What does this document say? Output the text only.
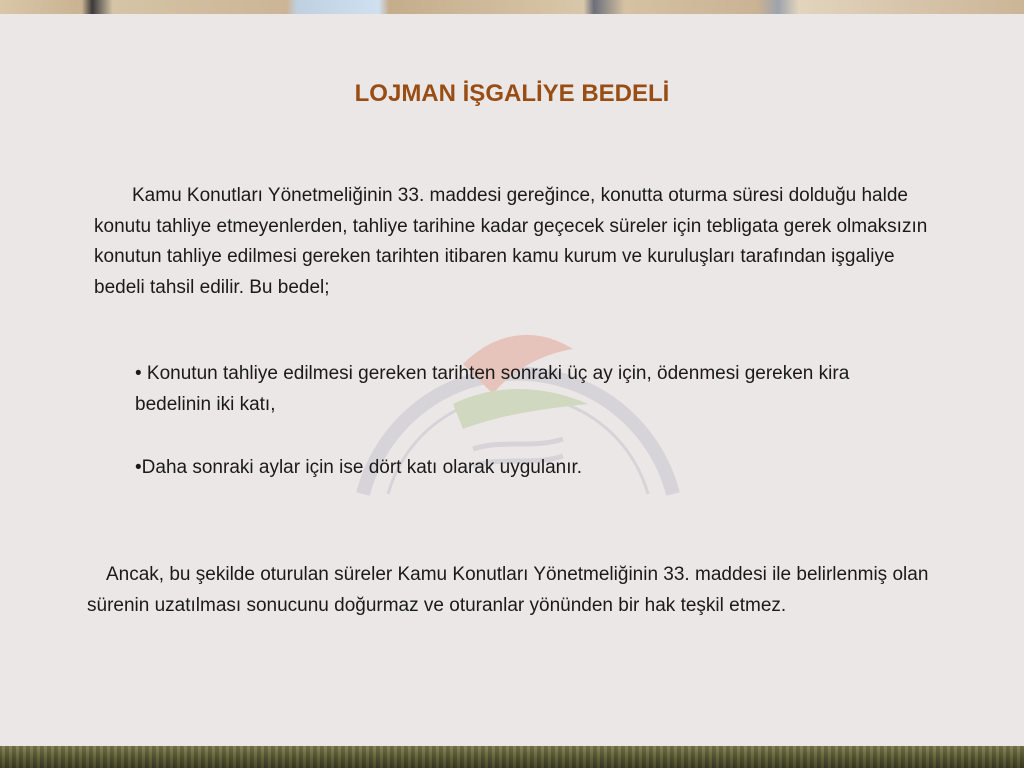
LOJMAN İŞGALİYE BEDELİ

Kamu Konutları Yönetmeliğinin 33. maddesi gereğince, konutta oturma süresi dolduğu halde konutu tahliye etmeyenlerden, tahliye tarihine kadar geçecek süreler için tebligata gerek olmaksızın konutun tahliye edilmesi gereken tarihten itibaren kamu kurum ve kuruluşları tarafından işgaliye bedeli tahsil edilir. Bu bedel;

• Konutun tahliye edilmesi gereken tarihten sonraki üç ay için, ödenmesi gereken kira bedelinin iki katı,
•Daha sonraki aylar için ise dört katı olarak uygulanır.

Ancak, bu şekilde oturulan süreler Kamu Konutları Yönetmeliğinin 33. maddesi ile belirlenmiş olan sürenin uzatılması sonucunu doğurmaz ve oturanlar yönünden bir hak teşkil etmez.
